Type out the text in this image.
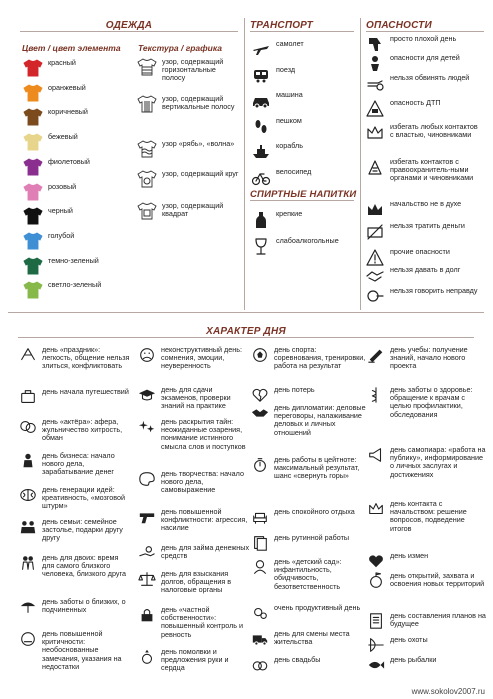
ОДЕЖДА
Цвет / цвет элемента Текстура / графика
ТРАНСПОРТ
СПИРТНЫЕ НАПИТКИ
ОПАСНОСТИ
ХАРАКТЕР ДНЯ
красный
оранжевый
коричневый
бежевый
фиолетовый
розовый
черный
голубой
темно-зеленый
светло-зеленый
узор, содержащий горизонтальные полосу
узор, содержащий вертикальные полосу
узор «рябь», «волна»
узор, содержащий круг
узор, содержащий квадрат
самолет
поезд
машина
пешком
корабль
велосипед
крепкие
слабоалкогольные
просто плохой день
опасности для детей
нельзя обвинять людей
опасность ДТП
избегать любых контактов с властью, чиновниками
избегать контактов с правоохранитель-ными органами и чиновниками
начальство не в духе
нельзя тратить деньги
прочие опасности
нельзя давать в долг
нельзя говорить неправду
день «праздник»: легкость, общение нельзя злиться, конфликтовать
день начала путешествий
день «актёра»: афера, жульничество хитрость, обман
день бизнеса: начало нового дела, зарабатывание денег
день генерации идей: креативность, «мозговой штурм»
день семьи: семейное застолье, подарки другу другу
день для двоих: время для самого близкого человека, близкого друга
день заботы о близких, о подчиненных
день повышенной критичности: необоснованные замечания, указания на недостатки
неконструктивный день: сомнения, эмоции, неуверенность
день для сдачи экзаменов, проверки знаний на практике
день раскрытия тайн: неожиданные озарения, понимание истинного смысла слов и поступков
день творчества: начало нового дела, самовыражение
день повышенной конфликтности: агрессия, насилие
день для займа денежных средств
день для взыскания долгов, обращения в налоговые органы
день «частной собственности»: повышенный контроль и ревность
день помолвки и предложения руки и сердца
день спорта: соревнования, тренировки, работа на результат
день потерь
день дипломатии: деловые переговоры, налаживание деловых и личных отношений
день работы в цейтноте: максимальный результат, шанс «свернуть горы»
день спокойного отдыха
день рутинной работы
день «детский сад»: инфантильность, обидчивость, безответственность
очень продуктивный день
день для смены места жительства
день свадьбы
день учебы: получение знаний, начало нового проекта
день заботы о здоровье: обращение к врачам с целью профилактики, обследования
день самопиара: «работа на публику», информирование о личных заслугах и достижениях
день контакта с начальством: решение вопросов, подведение итогов
день измен
день открытий, захвата и освоения новых территорий
день составления планов на будущее
день охоты
день рыбалки
www.sokolov2007.ru
